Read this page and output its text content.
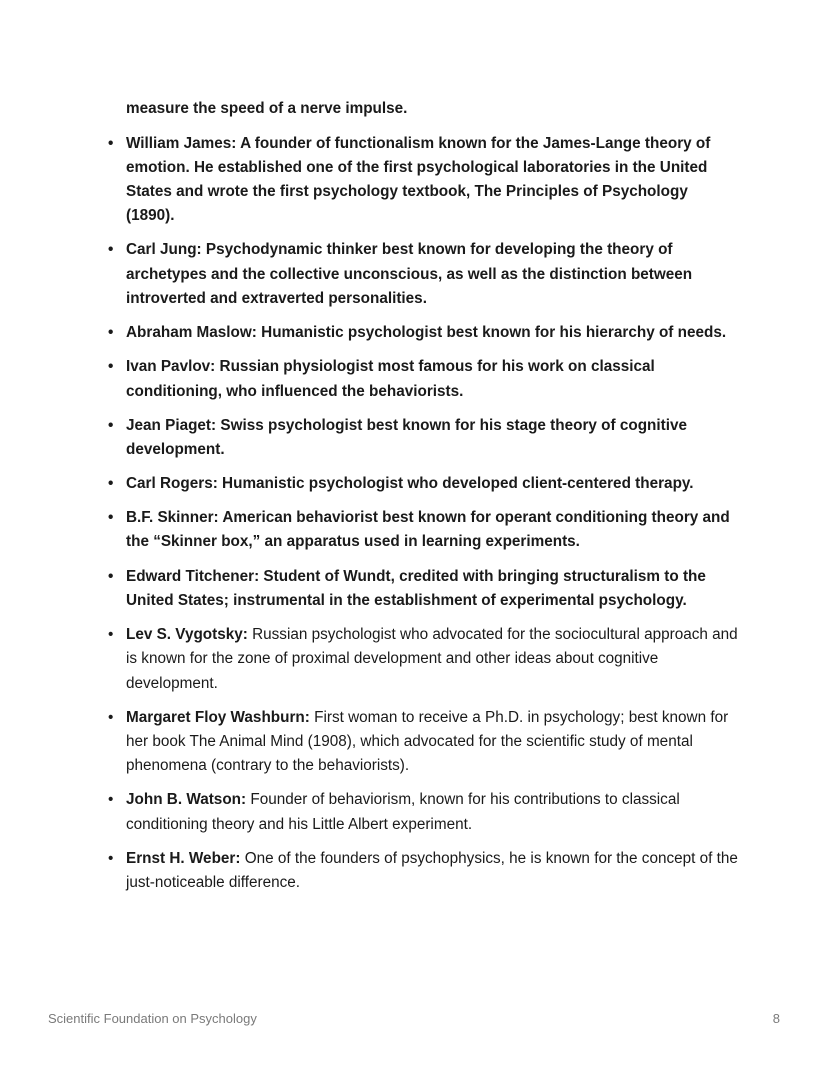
measure the speed of a nerve impulse.

• William James: A founder of functionalism known for the James-Lange theory of emotion. He established one of the first psychological laboratories in the United States and wrote the first psychology textbook, The Principles of Psychology (1890).
• Carl Jung: Psychodynamic thinker best known for developing the theory of archetypes and the collective unconscious, as well as the distinction between introverted and extraverted personalities.
• Abraham Maslow: Humanistic psychologist best known for his hierarchy of needs.
• Ivan Pavlov: Russian physiologist most famous for his work on classical conditioning, who influenced the behaviorists.
• Jean Piaget: Swiss psychologist best known for his stage theory of cognitive development.
• Carl Rogers: Humanistic psychologist who developed client-centered therapy.
• B.F. Skinner: American behaviorist best known for operant conditioning theory and the “Skinner box,” an apparatus used in learning experiments.
• Edward Titchener: Student of Wundt, credited with bringing structuralism to the United States; instrumental in the establishment of experimental psychology.
• Lev S. Vygotsky: Russian psychologist who advocated for the sociocultural approach and is known for the zone of proximal development and other ideas about cognitive development.
• Margaret Floy Washburn: First woman to receive a Ph.D. in psychology; best known for her book The Animal Mind (1908), which advocated for the scientific study of mental phenomena (contrary to the behaviorists).
• John B. Watson: Founder of behaviorism, known for his contributions to classical conditioning theory and his Little Albert experiment.
• Ernst H. Weber: One of the founders of psychophysics, he is known for the concept of the just-noticeable difference.
Scientific Foundation on Psychology	8
